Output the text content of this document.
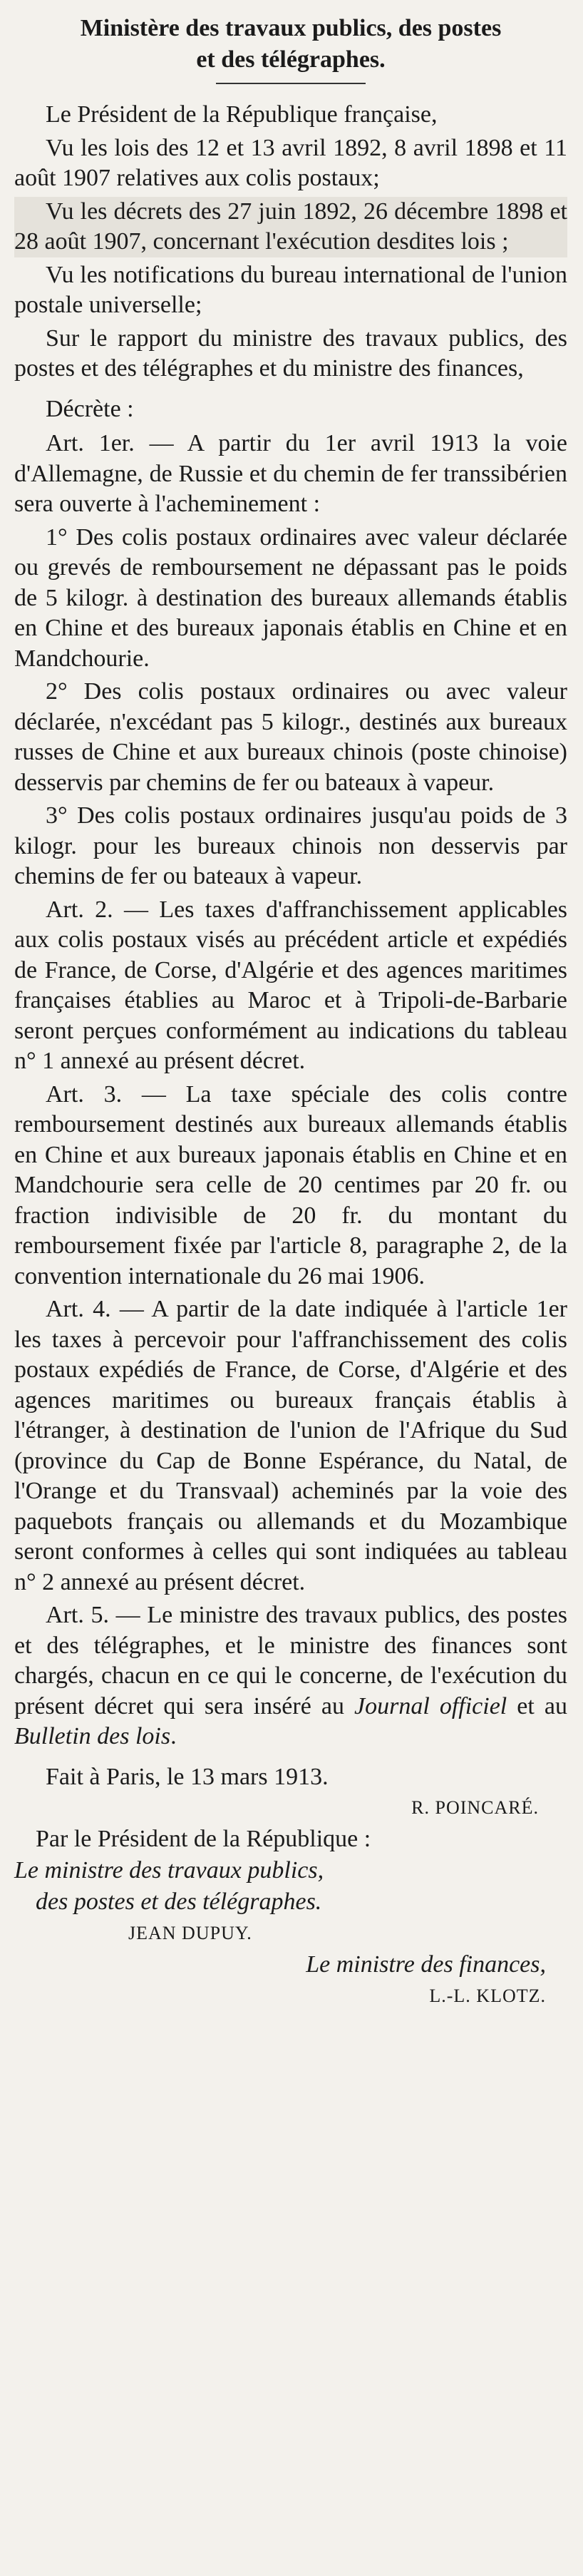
Ministère des travaux publics, des postes
et des télégraphes.

Le Président de la République française,

Vu les lois des 12 et 13 avril 1892, 8 avril 1898 et 11 août 1907 relatives aux colis postaux;

Vu les décrets des 27 juin 1892, 26 décembre 1898 et 28 août 1907, concernant l'exécution desdites lois ;

Vu les notifications du bureau international de l'union postale universelle;

Sur le rapport du ministre des travaux publics, des postes et des télégraphes et du ministre des finances,

Décrète :

Art. 1er. — A partir du 1er avril 1913 la voie d'Allemagne, de Russie et du chemin de fer transsibérien sera ouverte à l'acheminement :

1° Des colis postaux ordinaires avec valeur déclarée ou grevés de remboursement ne dépassant pas le poids de 5 kilogr. à destination des bureaux allemands établis en Chine et des bureaux japonais établis en Chine et en Mandchourie.

2° Des colis postaux ordinaires ou avec valeur déclarée, n'excédant pas 5 kilogr., destinés aux bureaux russes de Chine et aux bureaux chinois (poste chinoise) desservis par chemins de fer ou bateaux à vapeur.

3° Des colis postaux ordinaires jusqu'au poids de 3 kilogr. pour les bureaux chinois non desservis par chemins de fer ou bateaux à vapeur.

Art. 2. — Les taxes d'affranchissement applicables aux colis postaux visés au précédent article et expédiés de France, de Corse, d'Algérie et des agences maritimes françaises établies au Maroc et à Tripoli-de-Barbarie seront perçues conformément au indications du tableau n° 1 annexé au présent décret.

Art. 3. — La taxe spéciale des colis contre remboursement destinés aux bureaux allemands établis en Chine et aux bureaux japonais établis en Chine et en Mandchourie sera celle de 20 centimes par 20 fr. ou fraction indivisible de 20 fr. du montant du remboursement fixée par l'article 8, paragraphe 2, de la convention internationale du 26 mai 1906.

Art. 4. — A partir de la date indiquée à l'article 1er les taxes à percevoir pour l'affranchissement des colis postaux expédiés de France, de Corse, d'Algérie et des agences maritimes ou bureaux français établis à l'étranger, à destination de l'union de l'Afrique du Sud (province du Cap de Bonne Espérance, du Natal, de l'Orange et du Transvaal) acheminés par la voie des paquebots français ou allemands et du Mozambique seront conformes à celles qui sont indiquées au tableau n° 2 annexé au présent décret.

Art. 5. — Le ministre des travaux publics, des postes et des télégraphes, et le ministre des finances sont chargés, chacun en ce qui le concerne, de l'exécution du présent décret qui sera inséré au Journal officiel et au Bulletin des lois.

Fait à Paris, le 13 mars 1913.
R. POINCARÉ.
Par le Président de la République :
Le ministre des travaux publics,
des postes et des télégraphes.
JEAN DUPUY.
Le ministre des finances,
L.-L. KLOTZ.
